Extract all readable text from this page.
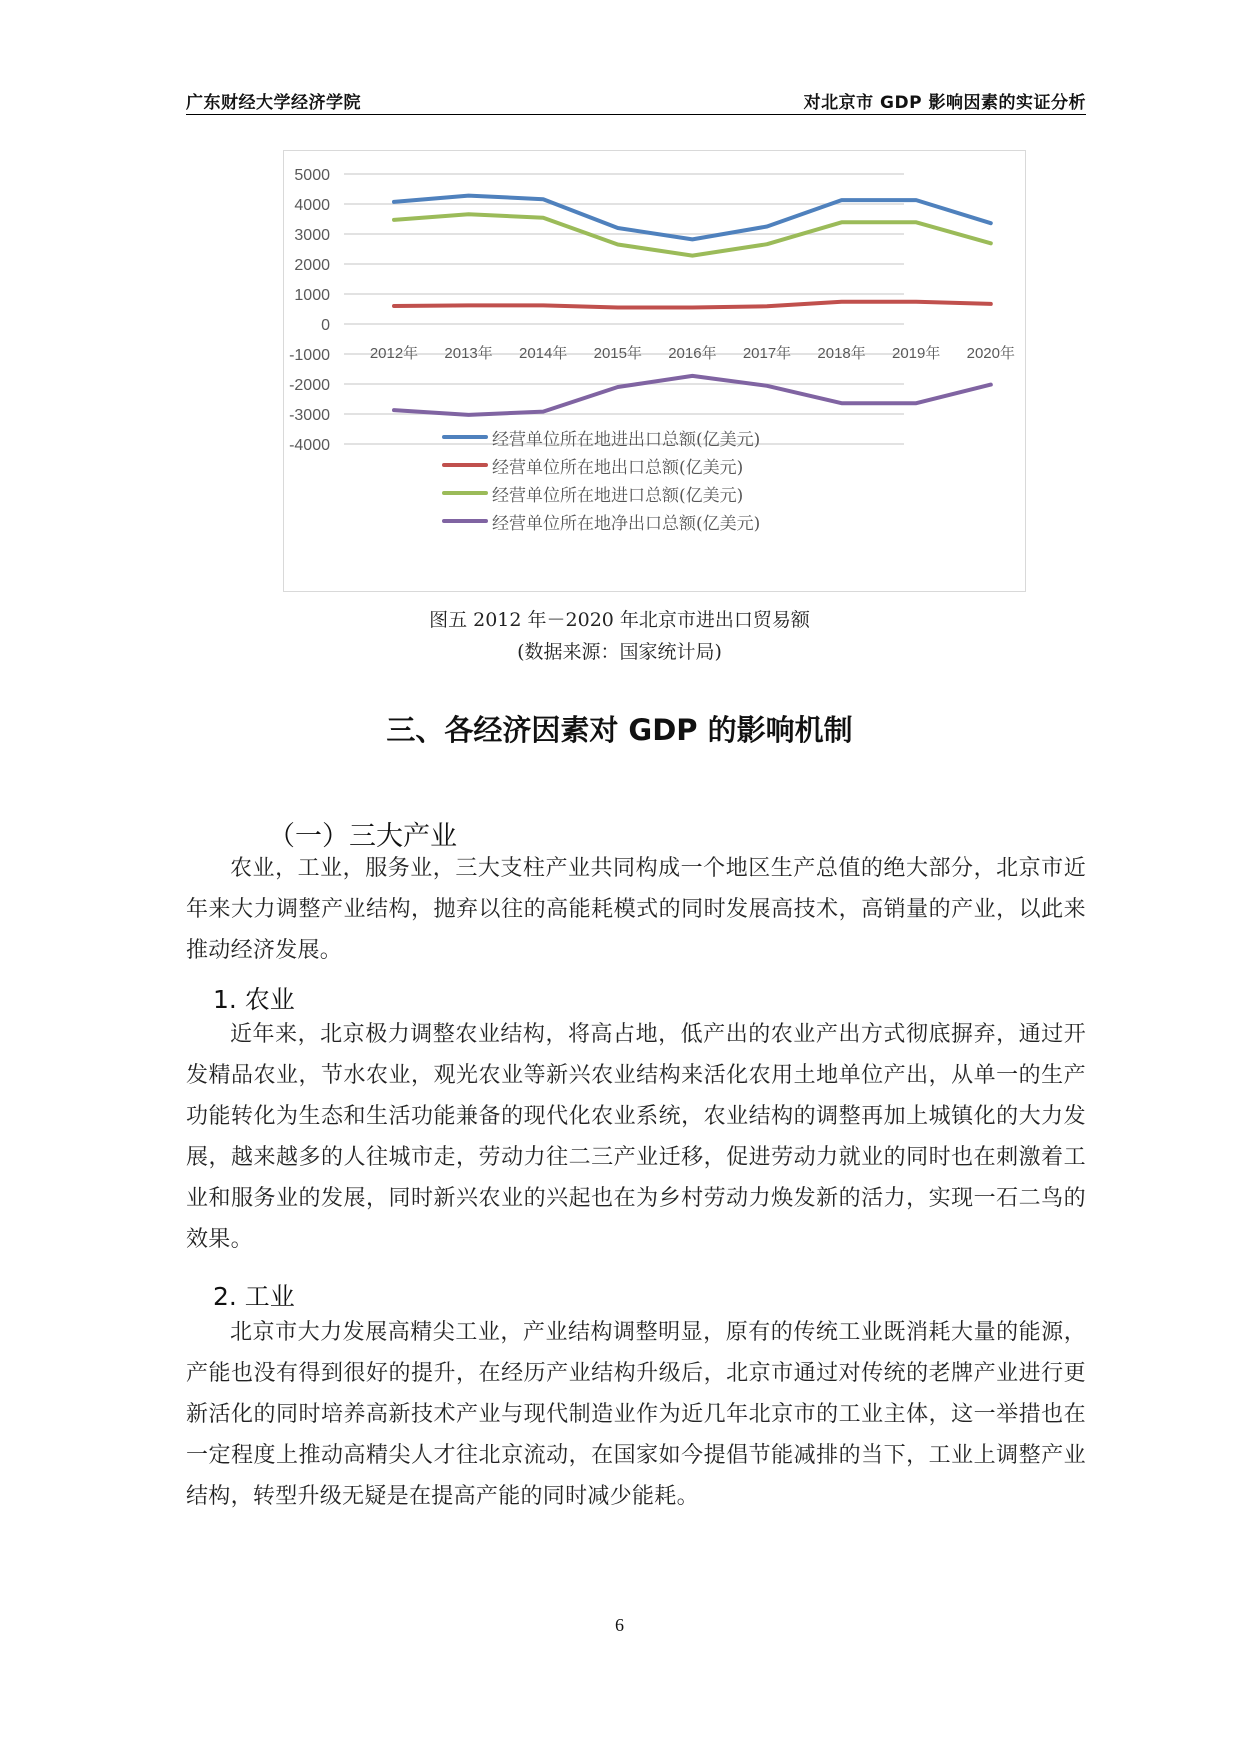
广东财经大学经济学院	对北京市 GDP 影响因素的实证分析
5000
4000
3000
2000
1000
0
-1000
-2000
-3000
-4000
2012年 2013年 2014年 2015年 2016年 2017年 2018年 2019年 2020年
经营单位所在地进出口总额(亿美元)
经营单位所在地出口总额(亿美元)
经营单位所在地进口总额(亿美元)
经营单位所在地净出口总额(亿美元)
图五 2012 年－2020 年北京市进出口贸易额
(数据来源：国家统计局)
三、各经济因素对 GDP 的影响机制
（一）三大产业
农业，工业，服务业，三大支柱产业共同构成一个地区生产总值的绝大部分，北京市近年来大力调整产业结构，抛弃以往的高能耗模式的同时发展高技术，高销量的产业，以此来推动经济发展。
1. 农业
近年来，北京极力调整农业结构，将高占地，低产出的农业产出方式彻底摒弃，通过开发精品农业，节水农业，观光农业等新兴农业结构来活化农用土地单位产出，从单一的生产功能转化为生态和生活功能兼备的现代化农业系统，农业结构的调整再加上城镇化的大力发展，越来越多的人往城市走，劳动力往二三产业迁移，促进劳动力就业的同时也在刺激着工业和服务业的发展，同时新兴农业的兴起也在为乡村劳动力焕发新的活力，实现一石二鸟的效果。
2. 工业
北京市大力发展高精尖工业，产业结构调整明显，原有的传统工业既消耗大量的能源，产能也没有得到很好的提升，在经历产业结构升级后，北京市通过对传统的老牌产业进行更新活化的同时培养高新技术产业与现代制造业作为近几年北京市的工业主体，这一举措也在一定程度上推动高精尖人才往北京流动，在国家如今提倡节能减排的当下，工业上调整产业结构，转型升级无疑是在提高产能的同时减少能耗。
6
